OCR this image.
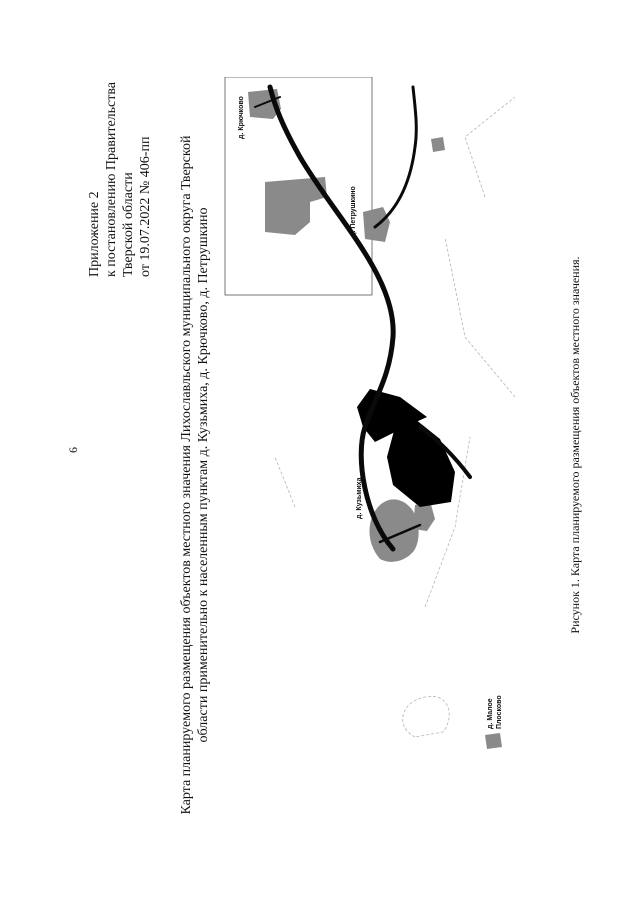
6
Приложение 2 к постановлению Правительства Тверской области от 19.07.2022 № 406-пп Карта планируемого размещения объектов местного значения Лихославльского муниципального округа Тверской области применительно к населенным пунктам д. Кузьмиха, д. Крючково, д. Петрушкино	д. Кузьмиха
д. Крючково
д. Петрушкино
д. Малое Плосково
Рисунок 1. Карта планируемого размещения объектов местного значения.
